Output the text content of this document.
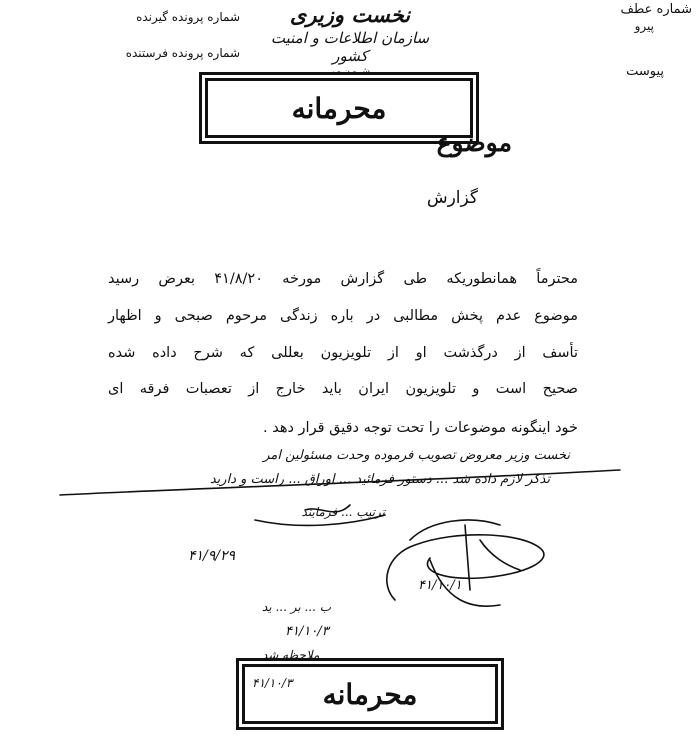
شماره عطف
پیرو
پیوست
نخست وزیری
سازمان اطلاعات و امنیت کشور
ش - ن - ر
شماره پرونده گیرنده
شماره پرونده فرستنده
محرمانه
موضوع
گزارش
محترماً همانطوریکه طی گزارش مورخه ۴۱/۸/۲۰ بعرض رسید
موضوع عدم پخش مطالبی در باره زندگی مرحوم صبحی و اظهار
تأسف از درگذشت او از تلویزیون بعللی که شرح داده شده
صحیح است و تلویزیون ایران باید خارج از تعصبات فرقه ای
خود اینگونه موضوعات را تحت توجه دقیق قرار دهد .
نخست وزیر معروض تصویب فرموده وحدت مسئولین امر
تذکر لازم داده شد ... دستور فرمائید ... اوراق ... راست و دارید
ترتیب ... فرمایند
۴۱/۹/۲۹
۴۱/۱۰/۱
ب ... بر ... ید
۴۱/۱۰/۳
ملاحظه شد
۴۱/۱۰/۳	محرمانه
